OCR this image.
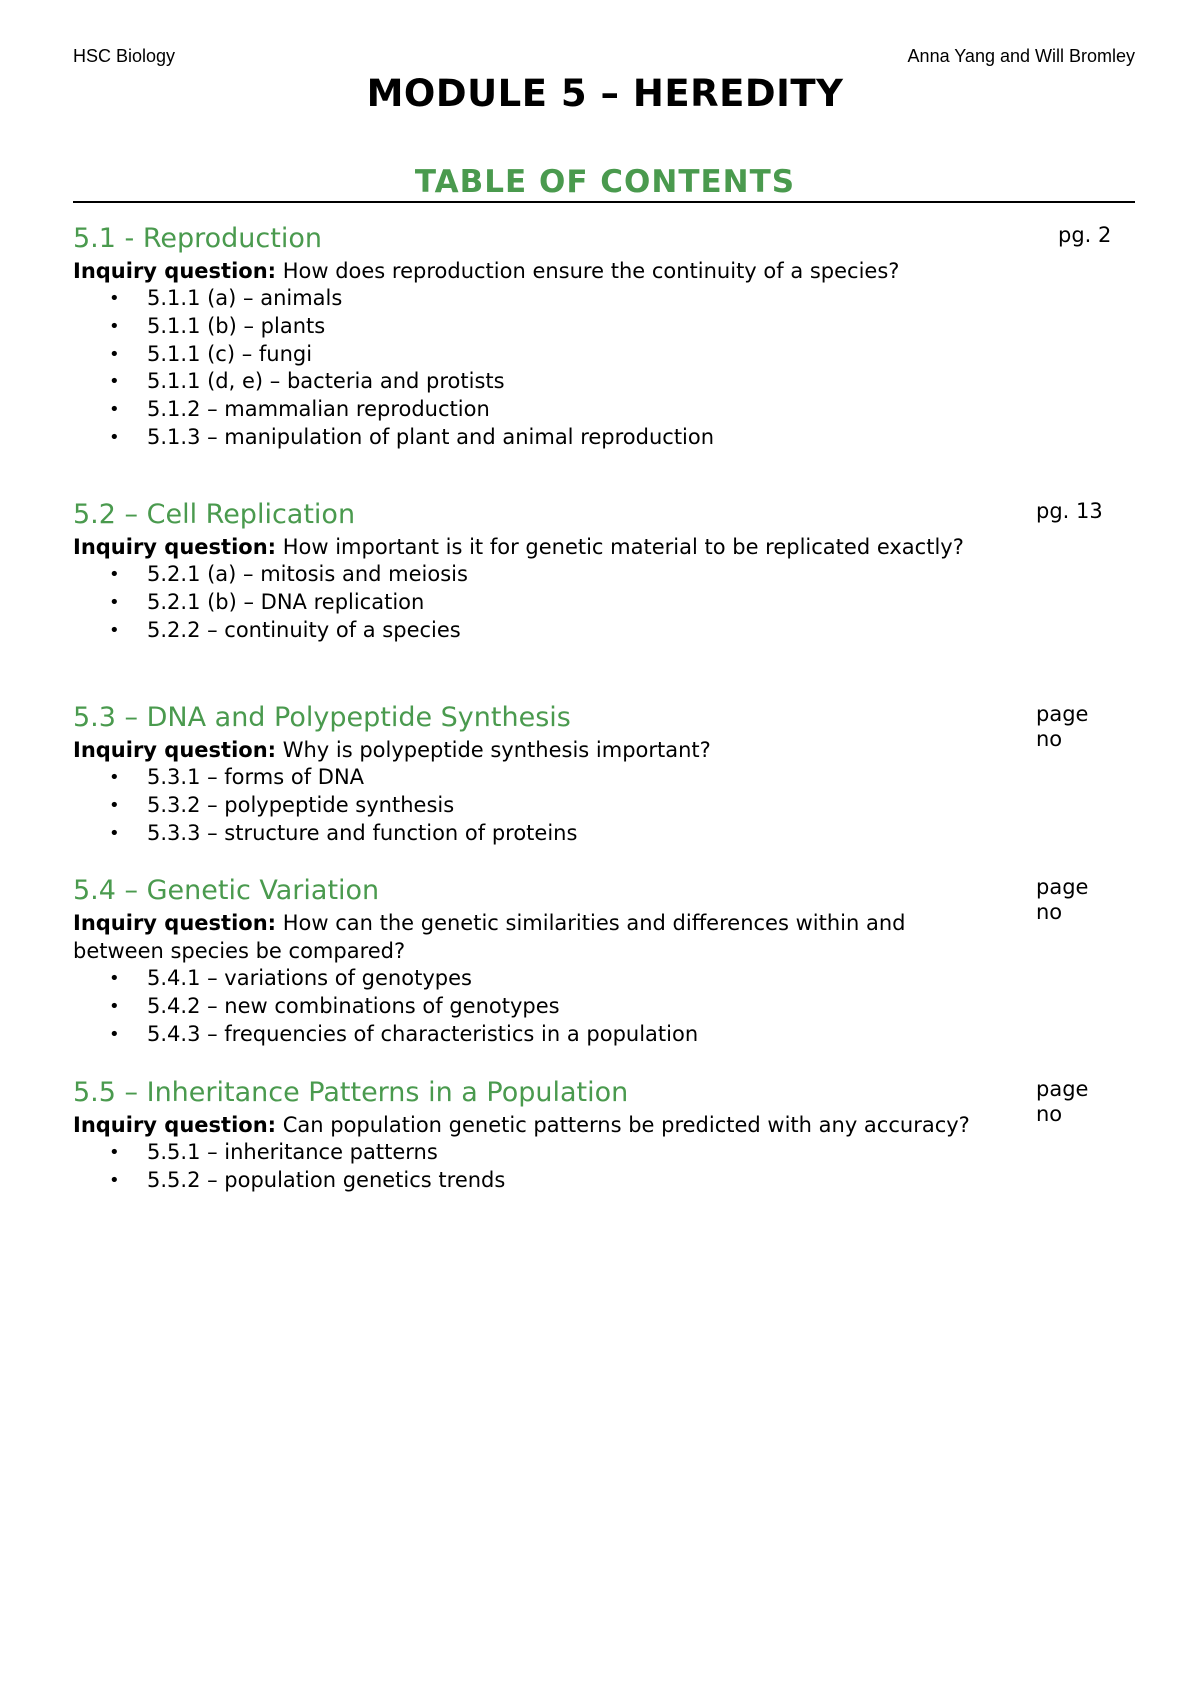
HSC Biology	Anna Yang and Will Bromley
MODULE 5 – HEREDITY
TABLE OF CONTENTS
5.1 - Reproduction	pg. 2
Inquiry question: How does reproduction ensure the continuity of a species?
• 5.1.1 (a) – animals
• 5.1.1 (b) – plants
• 5.1.1 (c) – fungi
• 5.1.1 (d, e) – bacteria and protists
• 5.1.2 – mammalian reproduction
• 5.1.3 – manipulation of plant and animal reproduction
5.2 – Cell Replication	pg. 13
Inquiry question: How important is it for genetic material to be replicated exactly?
• 5.2.1 (a) – mitosis and meiosis
• 5.2.1 (b) – DNA replication
• 5.2.2 – continuity of a species
5.3 – DNA and Polypeptide Synthesis	page no
Inquiry question: Why is polypeptide synthesis important?
• 5.3.1 – forms of DNA
• 5.3.2 – polypeptide synthesis
• 5.3.3 – structure and function of proteins
5.4 – Genetic Variation	page no
Inquiry question: How can the genetic similarities and differences within and between species be compared?
• 5.4.1 – variations of genotypes
• 5.4.2 – new combinations of genotypes
• 5.4.3 – frequencies of characteristics in a population
5.5 – Inheritance Patterns in a Population	page no
Inquiry question: Can population genetic patterns be predicted with any accuracy?
• 5.5.1 – inheritance patterns
• 5.5.2 – population genetics trends
